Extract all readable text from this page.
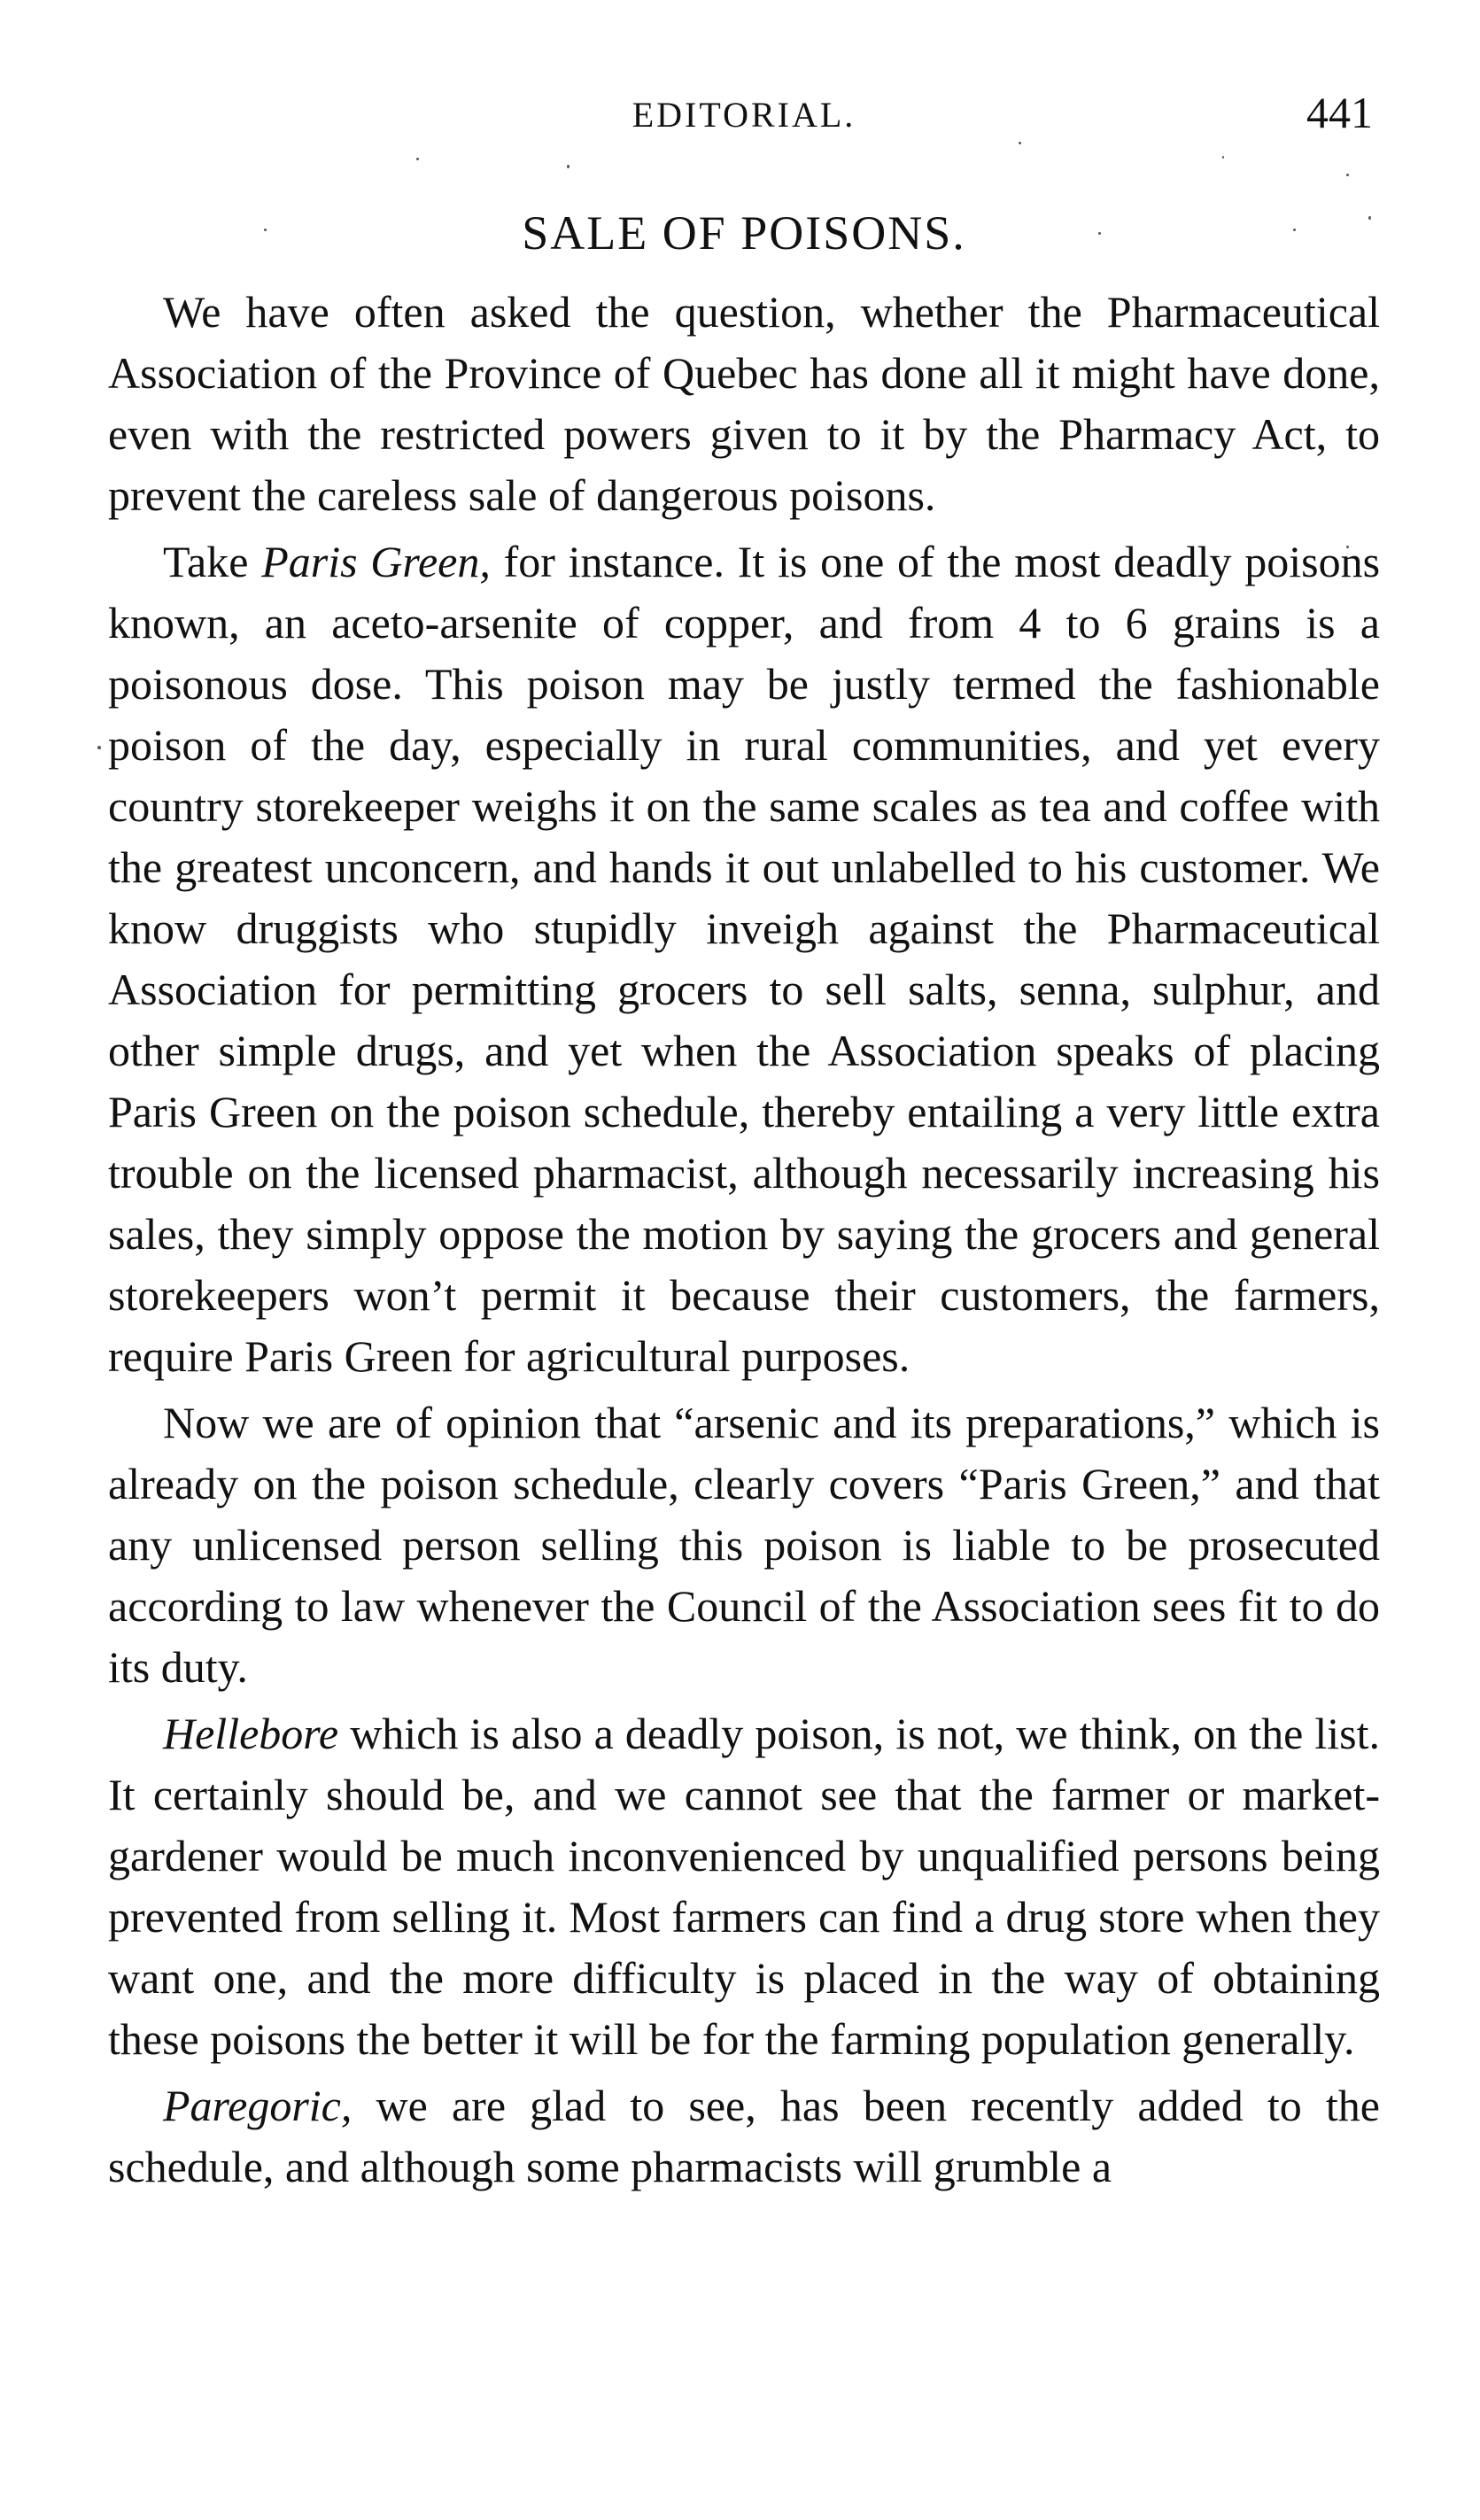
EDITORIAL.	441
SALE OF POISONS.

We have often asked the question, whether the Pharmaceutical Association of the Province of Quebec has done all it might have done, even with the restricted powers given to it by the Pharmacy Act, to prevent the careless sale of dangerous poisons.

Take Paris Green, for instance. It is one of the most deadly poisons known, an aceto-arsenite of copper, and from 4 to 6 grains is a poisonous dose. This poison may be justly termed the fashionable poison of the day, especially in rural communities, and yet every country storekeeper weighs it on the same scales as tea and coffee with the greatest unconcern, and hands it out unlabelled to his customer. We know druggists who stupidly inveigh against the Pharmaceutical Association for permitting grocers to sell salts, senna, sulphur, and other simple drugs, and yet when the Association speaks of placing Paris Green on the poison schedule, thereby entailing a very little extra trouble on the licensed pharmacist, although necessarily increasing his sales, they simply oppose the motion by saying the grocers and general storekeepers won’t permit it because their customers, the farmers, require Paris Green for agricultural purposes.

Now we are of opinion that “arsenic and its preparations,” which is already on the poison schedule, clearly covers “Paris Green,” and that any unlicensed person selling this poison is liable to be prosecuted according to law whenever the Council of the Association sees fit to do its duty.

Hellebore which is also a deadly poison, is not, we think, on the list. It certainly should be, and we cannot see that the farmer or market-gardener would be much inconvenienced by unqualified persons being prevented from selling it. Most farmers can find a drug store when they want one, and the more difficulty is placed in the way of obtaining these poisons the better it will be for the farming population generally.

Paregoric, we are glad to see, has been recently added to the schedule, and although some pharmacists will grumble a
